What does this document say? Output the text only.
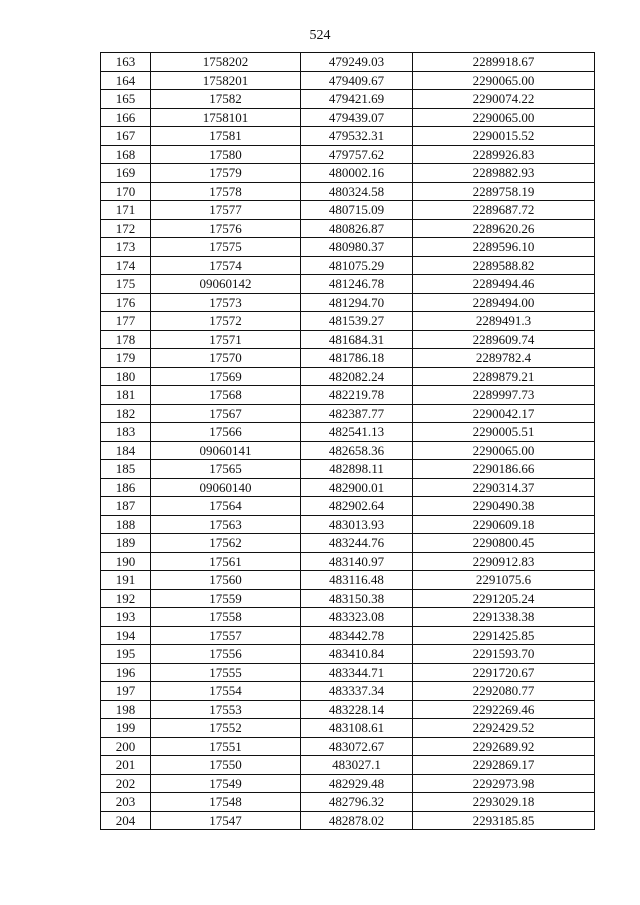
524
163	1758202	479249.03	2289918.67
164	1758201	479409.67	2290065.00
165	17582	479421.69	2290074.22
166	1758101	479439.07	2290065.00
167	17581	479532.31	2290015.52
168	17580	479757.62	2289926.83
169	17579	480002.16	2289882.93
170	17578	480324.58	2289758.19
171	17577	480715.09	2289687.72
172	17576	480826.87	2289620.26
173	17575	480980.37	2289596.10
174	17574	481075.29	2289588.82
175	09060142	481246.78	2289494.46
176	17573	481294.70	2289494.00
177	17572	481539.27	2289491.3
178	17571	481684.31	2289609.74
179	17570	481786.18	2289782.4
180	17569	482082.24	2289879.21
181	17568	482219.78	2289997.73
182	17567	482387.77	2290042.17
183	17566	482541.13	2290005.51
184	09060141	482658.36	2290065.00
185	17565	482898.11	2290186.66
186	09060140	482900.01	2290314.37
187	17564	482902.64	2290490.38
188	17563	483013.93	2290609.18
189	17562	483244.76	2290800.45
190	17561	483140.97	2290912.83
191	17560	483116.48	2291075.6
192	17559	483150.38	2291205.24
193	17558	483323.08	2291338.38
194	17557	483442.78	2291425.85
195	17556	483410.84	2291593.70
196	17555	483344.71	2291720.67
197	17554	483337.34	2292080.77
198	17553	483228.14	2292269.46
199	17552	483108.61	2292429.52
200	17551	483072.67	2292689.92
201	17550	483027.1	2292869.17
202	17549	482929.48	2292973.98
203	17548	482796.32	2293029.18
204	17547	482878.02	2293185.85
